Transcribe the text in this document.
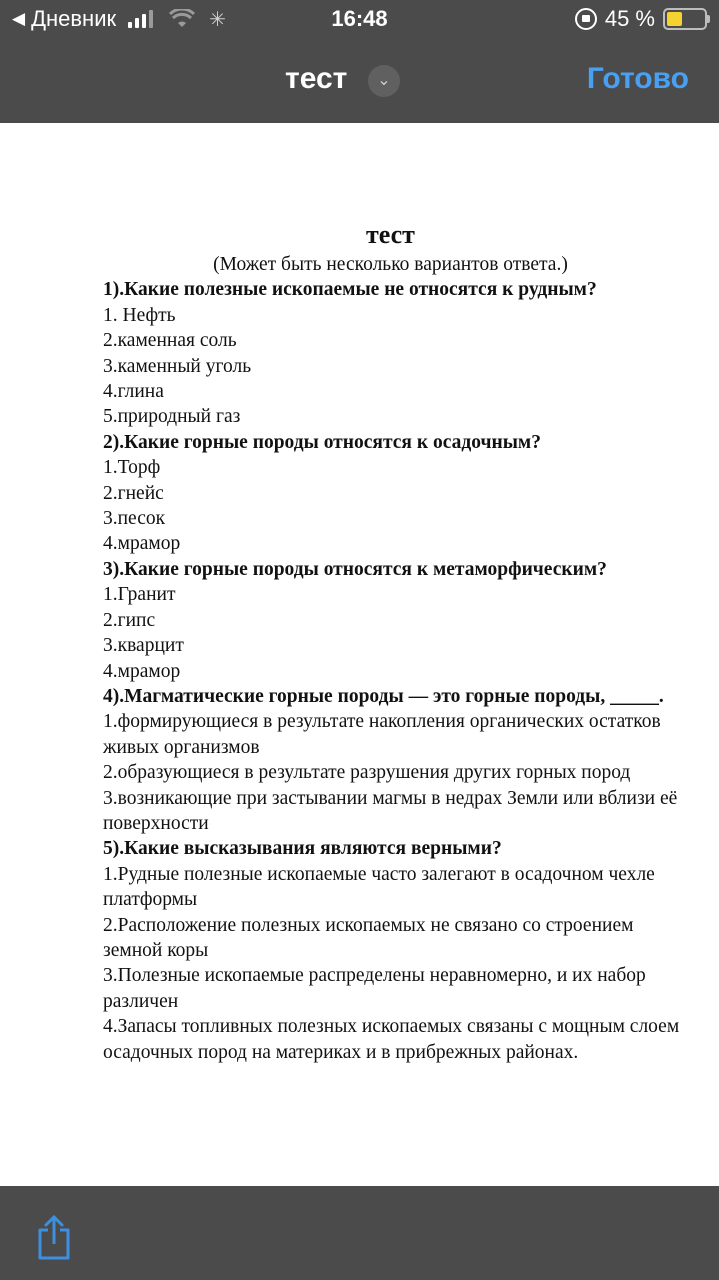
◀ Дневник	✳	16:48	45 %
тест	⌄	Готово
тест
(Может быть несколько вариантов ответа.)
1).Какие полезные ископаемые не относятся к рудным?
1. Нефть
2.каменная соль
3.каменный уголь
4.глина
5.природный газ
2).Какие горные породы относятся к осадочным?
1.Торф
2.гнейс
3.песок
4.мрамор
3).Какие горные породы относятся к метаморфическим?
1.Гранит
2.гипс
3.кварцит
4.мрамор
4).Магматические горные породы — это горные породы, _____.
1.формирующиеся в результате накопления органических остатков живых организмов
2.образующиеся в результате разрушения других горных пород
3.возникающие при застывании магмы в недрах Земли или вблизи её поверхности
5).Какие высказывания являются верными?
1.Рудные полезные ископаемые часто залегают в осадочном чехле платформы
2.Расположение полезных ископаемых не связано со строением земной коры
3.Полезные ископаемые распределены неравномерно, и их набор различен
4.Запасы топливных полезных ископаемых связаны с мощным слоем осадочных пород на материках и в прибрежных районах.
